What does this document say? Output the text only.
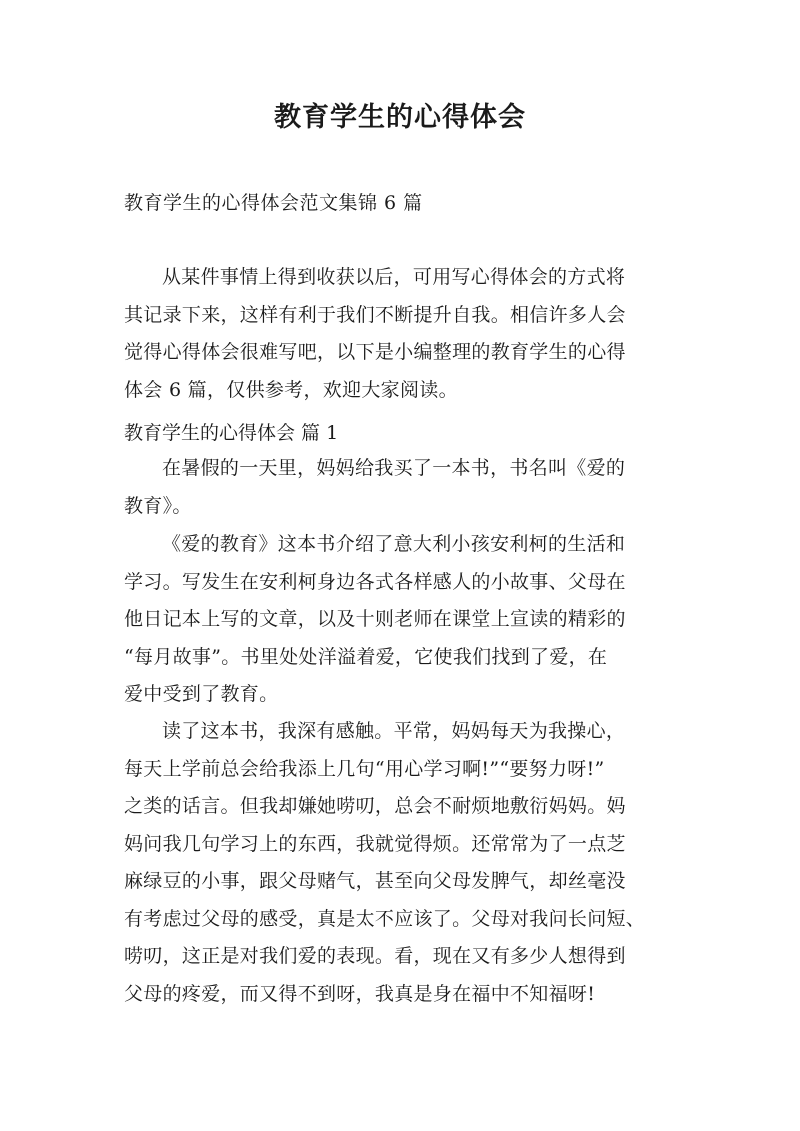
教育学生的心得体会
教育学生的心得体会范文集锦 6 篇
从某件事情上得到收获以后，可用写心得体会的方式将
其记录下来，这样有利于我们不断提升自我。相信许多人会
觉得心得体会很难写吧，以下是小编整理的教育学生的心得
体会 6 篇，仅供参考，欢迎大家阅读。
教育学生的心得体会 篇 1
在暑假的一天里，妈妈给我买了一本书，书名叫《爱的
教育》。
《爱的教育》这本书介绍了意大利小孩安利柯的生活和
学习。写发生在安利柯身边各式各样感人的小故事、父母在
他日记本上写的文章，以及十则老师在课堂上宣读的精彩的
“每月故事”。书里处处洋溢着爱，它使我们找到了爱，在
爱中受到了教育。
读了这本书，我深有感触。平常，妈妈每天为我操心，
每天上学前总会给我添上几句“用心学习啊!”“要努力呀!”
之类的话言。但我却嫌她唠叨，总会不耐烦地敷衍妈妈。妈
妈问我几句学习上的东西，我就觉得烦。还常常为了一点芝
麻绿豆的小事，跟父母赌气，甚至向父母发脾气，却丝毫没
有考虑过父母的感受，真是太不应该了。父母对我问长问短、
唠叨，这正是对我们爱的表现。看，现在又有多少人想得到
父母的疼爱，而又得不到呀，我真是身在福中不知福呀!
